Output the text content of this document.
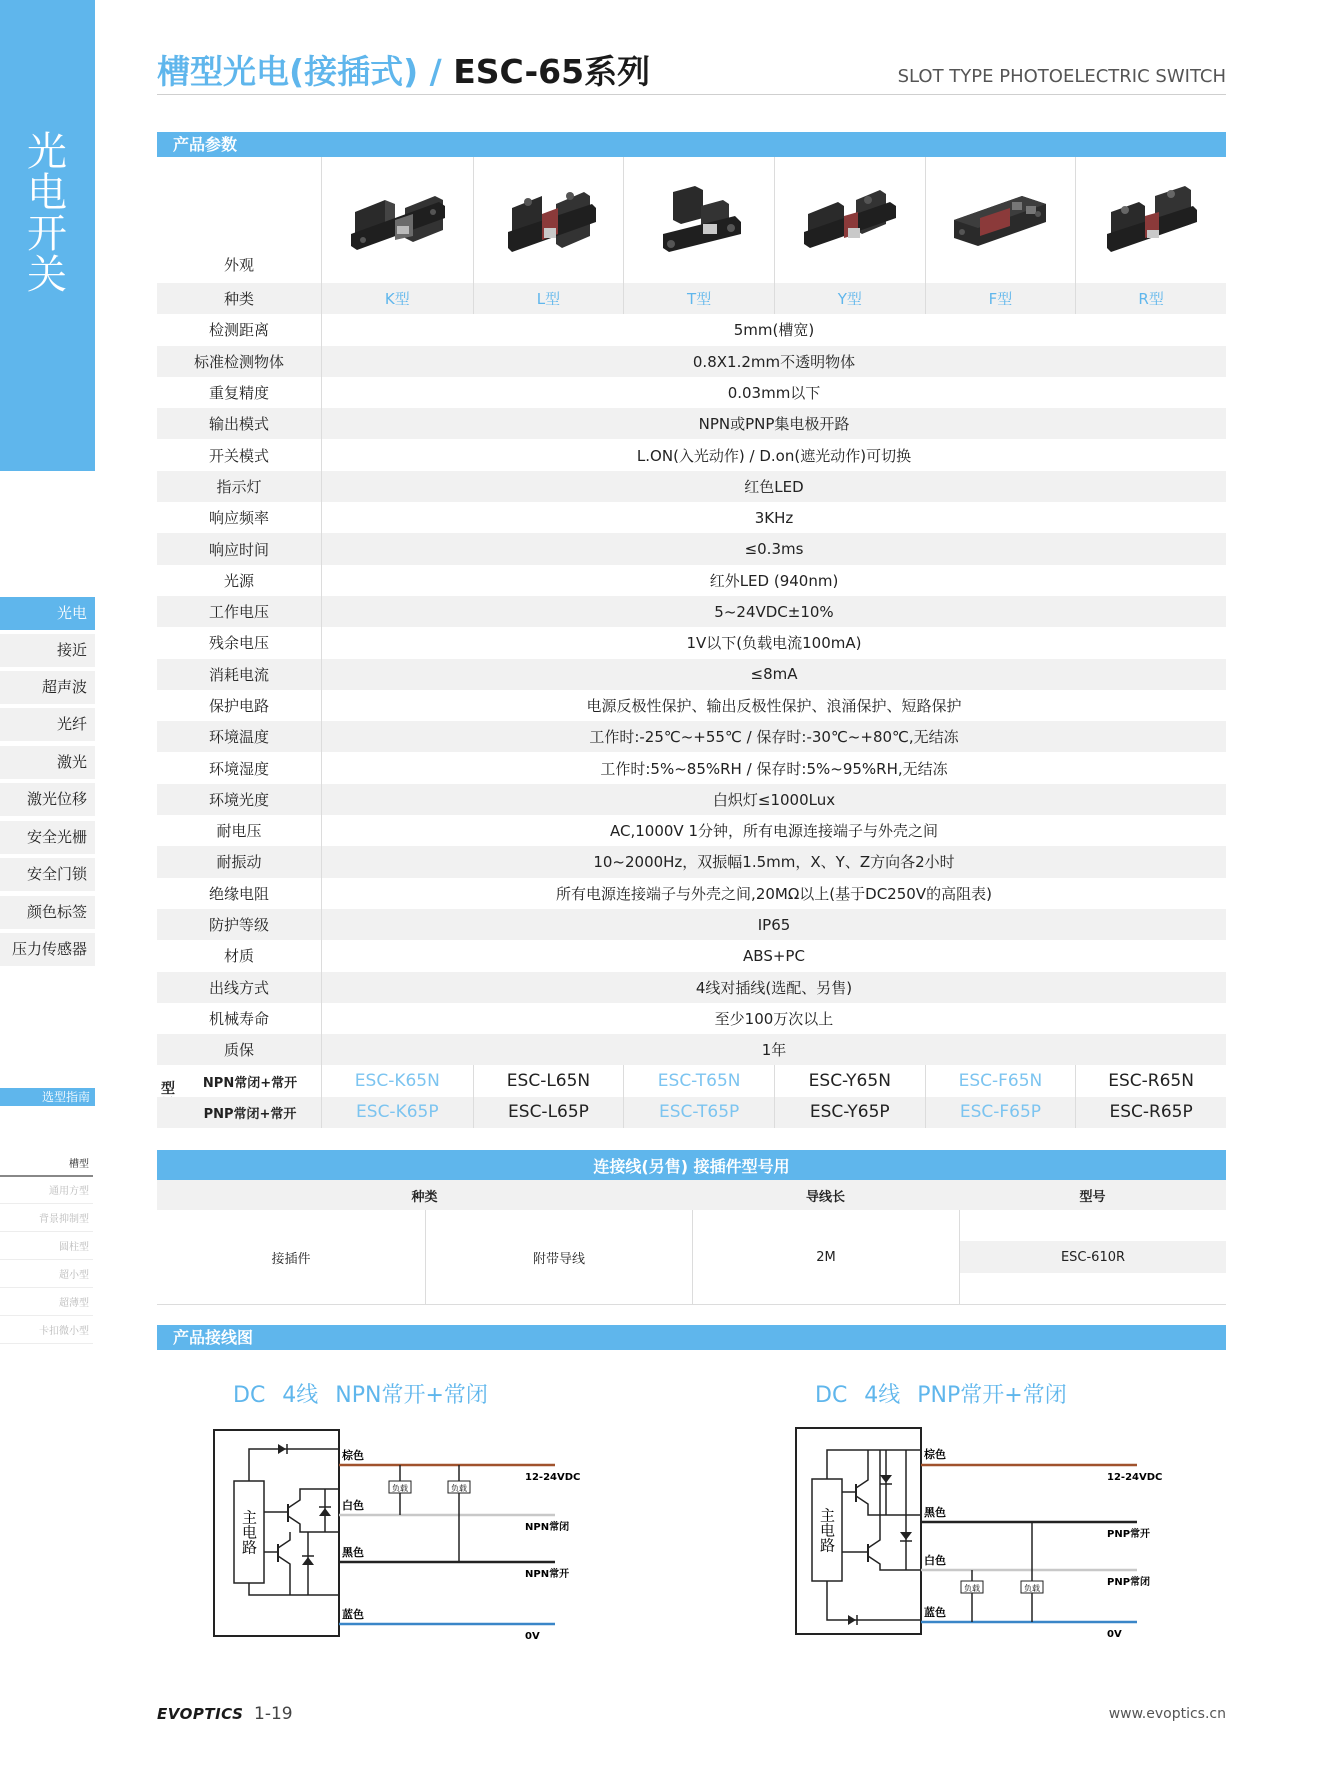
光电开关
光电
接近
超声波
光纤
激光
激光位移
安全光栅
安全门锁
颜色标签
压力传感器
选型指南
槽型
通用方型
背景抑制型
圆柱型
超小型
超薄型
卡扣微小型
槽型光电(接插式) / ESC-65系列	SLOT TYPE PHOTOELECTRIC SWITCH
产品参数
外观
种类	K型	L型	T型	Y型	F型	R型
检测距离	5mm(槽宽)
标准检测物体	0.8X1.2mm不透明物体
重复精度	0.03mm以下
输出模式	NPN或PNP集电极开路
开关模式	L.ON(入光动作) / D.on(遮光动作)可切换
指示灯	红色LED
响应频率	3KHz
响应时间	≤0.3ms
光源	红外LED (940nm)
工作电压	5~24VDC±10%
残余电压	1V以下(负载电流100mA)
消耗电流	≤8mA
保护电路	电源反极性保护、输出反极性保护、浪涌保护、短路保护
环境温度	工作时:-25℃~+55℃ / 保存时:-30℃~+80℃,无结冻
环境湿度	工作时:5%~85%RH / 保存时:5%~95%RH,无结冻
环境光度	白炽灯≤1000Lux
耐电压	AC,1000V 1分钟，所有电源连接端子与外壳之间
耐振动	10~2000Hz，双振幅1.5mm，X、Y、Z方向各2小时
绝缘电阻	所有电源连接端子与外壳之间,20MΩ以上(基于DC250V的高阻表)
防护等级	IP65
材质	ABS+PC
出线方式	4线对插线(选配、另售)
机械寿命	至少100万次以上
质保	1年
型	NPN常闭+常开	ESC-K65N	ESC-L65N	ESC-T65N	ESC-Y65N	ESC-F65N	ESC-R65N
PNP常闭+常开	ESC-K65P	ESC-L65P	ESC-T65P	ESC-Y65P	ESC-F65P	ESC-R65P
连接线(另售) 接插件型号用
种类	导线长	型号
接插件	附带导线	2M	ESC-610R
产品接线图
DC 4线 NPN常开+常闭	DC 4线 PNP常开+常闭
主电路
负载	负载
棕色
白色
黑色
蓝色
12-24VDC
NPN常闭
NPN常开
0V
主电路
负载	负载
棕色
黑色
白色
蓝色
12-24VDC
PNP常开
PNP常闭
0V
EVOPTICS 1-19	www.evoptics.cn
